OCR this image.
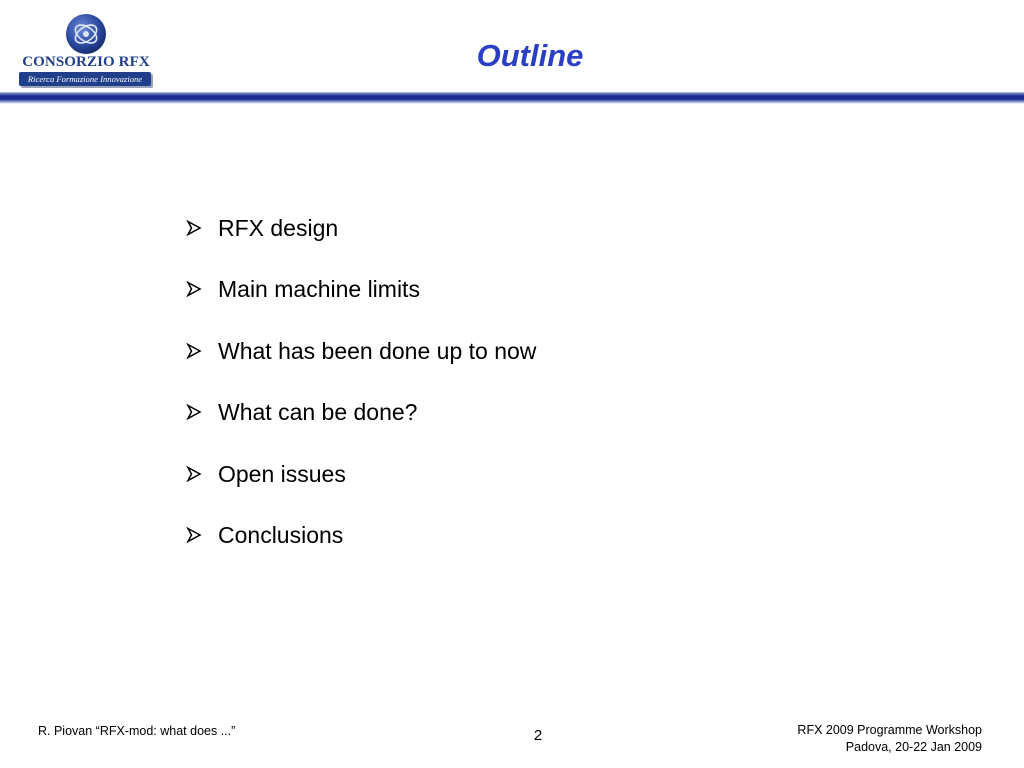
CONSORZIO RFX
Ricerca Formazione Innovazione
Outline
RFX design
Main machine limits
What has been done up to now
What can be done?
Open issues
Conclusions
R. Piovan “RFX-mod: what does ...”	2	RFX 2009 Programme Workshop
Padova, 20-22 Jan 2009
